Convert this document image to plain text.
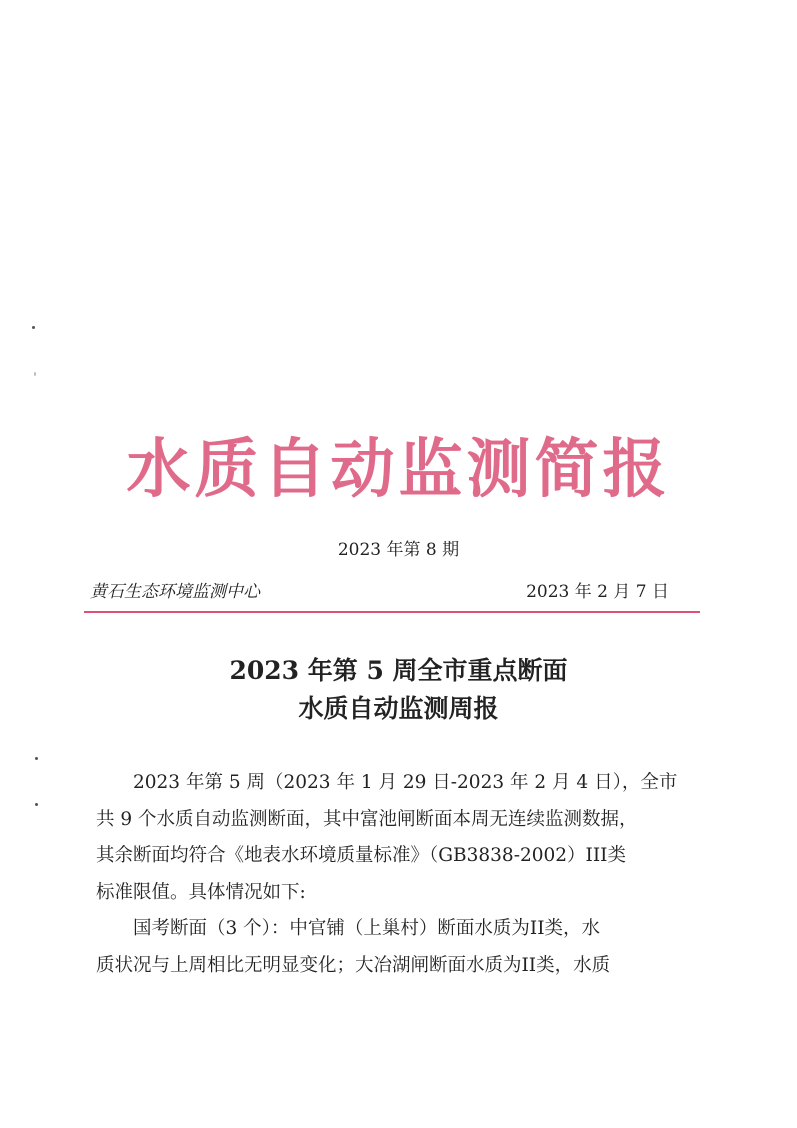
水质自动监测简报
2023 年第 8 期
黄石生态环境监测中心	2023 年 2 月 7 日
2023 年第 5 周全市重点断面
水质自动监测周报

2023 年第 5 周（2023 年 1 月 29 日-2023 年 2 月 4 日），全市
共 9 个水质自动监测断面，其中富池闸断面本周无连续监测数据，
其余断面均符合《地表水环境质量标准》（GB3838-2002）III类
标准限值。具体情况如下:

国考断面（3 个）：中官铺（上巢村）断面水质为II类，水
质状况与上周相比无明显变化；大冶湖闸断面水质为II类，水质
